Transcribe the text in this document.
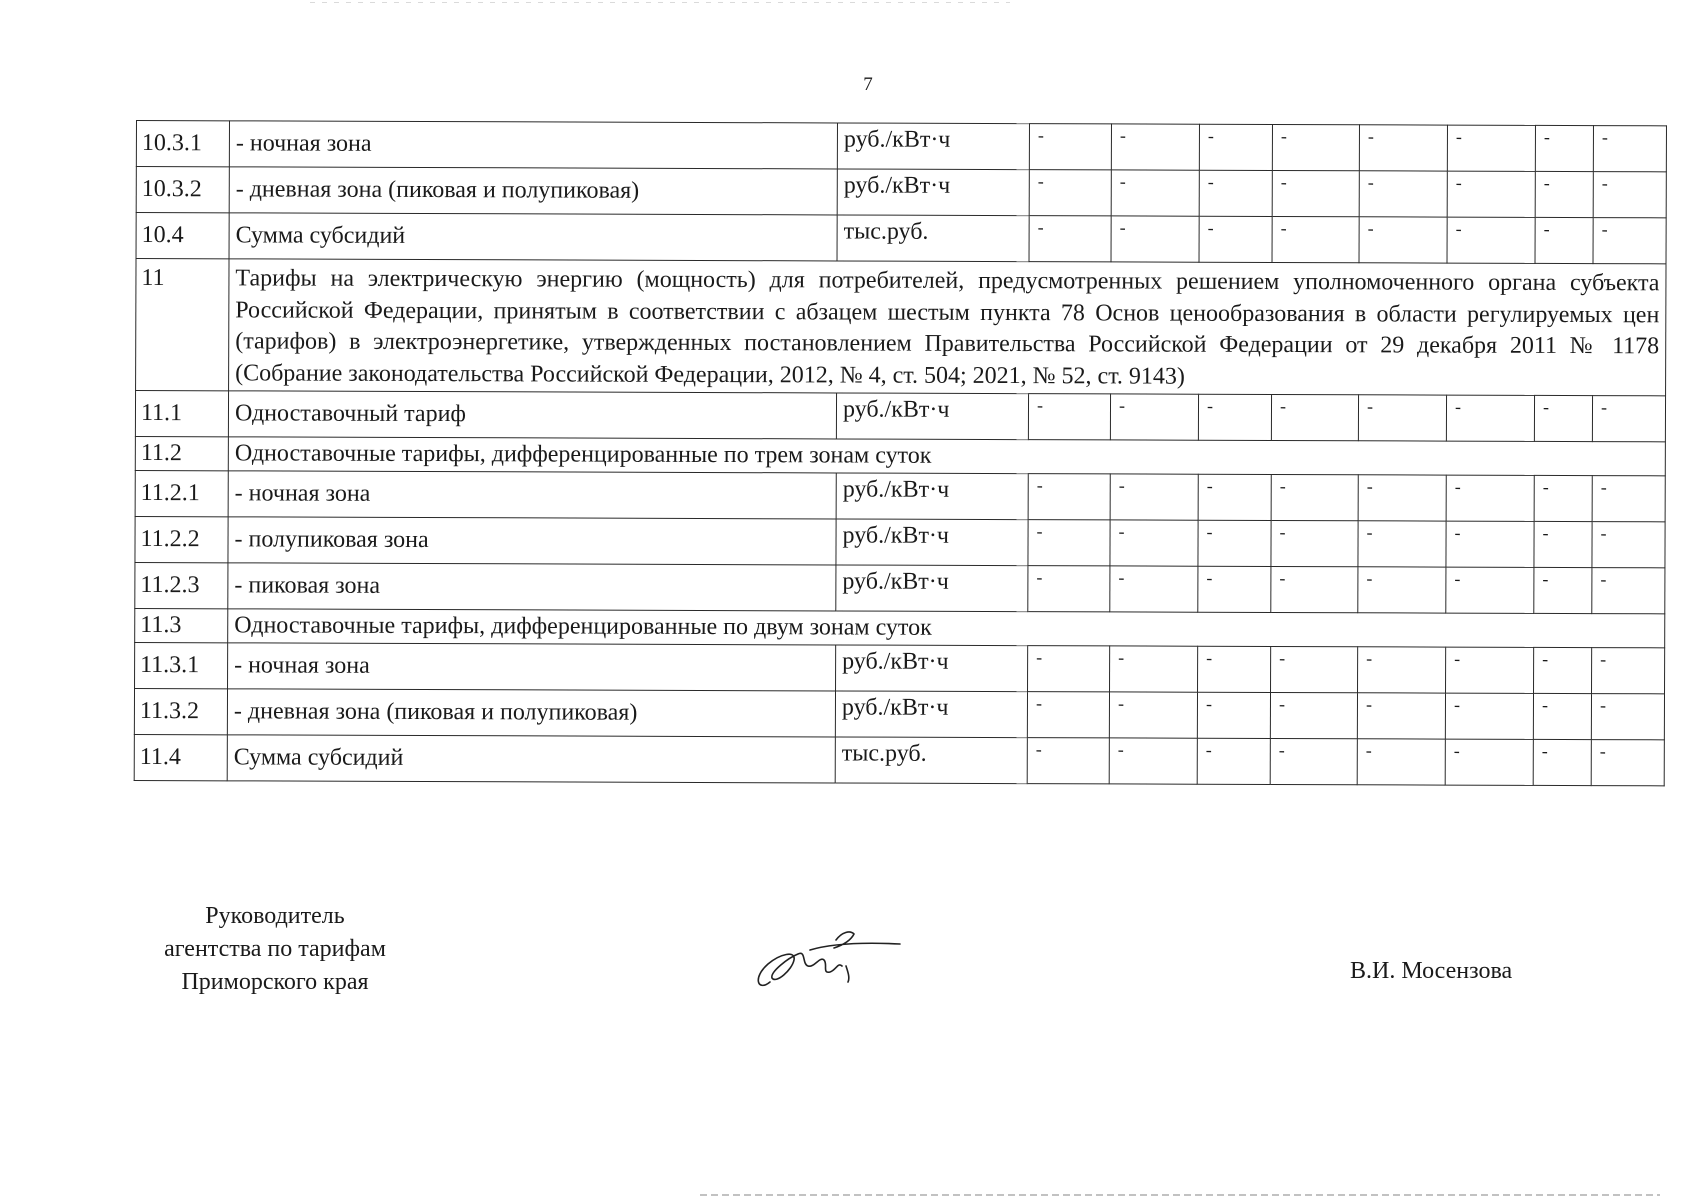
7
10.3.1	- ночная зона	руб./кВт·ч	-	-	-	-	-	-	-	-
10.3.2	- дневная зона (пиковая и полупиковая)	руб./кВт·ч	-	-	-	-	-	-	-	-
10.4	Сумма субсидий	тыс.руб.	-	-	-	-	-	-	-	-
11	Тарифы на электрическую энергию (мощность) для потребителей, предусмотренных решением уполномоченного органа субъекта Российской Федерации, принятым в соответствии с абзацем шестым пункта 78 Основ ценообразования в области регулируемых цен (тарифов) в электроэнергетике, утвержденных постановлением Правительства Российской Федерации от 29 декабря 2011 № 1178 (Собрание законодательства Российской Федерации, 2012, № 4, ст. 504; 2021, № 52, ст. 9143)									
11.1	Одноставочный тариф	руб./кВт·ч	-	-	-	-	-	-	-	-
11.2	Одноставочные тарифы, дифференцированные по трем зонам суток									
11.2.1	- ночная зона	руб./кВт·ч	-	-	-	-	-	-	-	-
11.2.2	- полупиковая зона	руб./кВт·ч	-	-	-	-	-	-	-	-
11.2.3	- пиковая зона	руб./кВт·ч	-	-	-	-	-	-	-	-
11.3	Одноставочные тарифы, дифференцированные по двум зонам суток									
11.3.1	- ночная зона	руб./кВт·ч	-	-	-	-	-	-	-	-
11.3.2	- дневная зона (пиковая и полупиковая)	руб./кВт·ч	-	-	-	-	-	-	-	-
11.4	Сумма субсидий	тыс.руб.	-	-	-	-	-	-	-	-
Руководитель
агентства по тарифам
Приморского края	В.И. Мосензова
